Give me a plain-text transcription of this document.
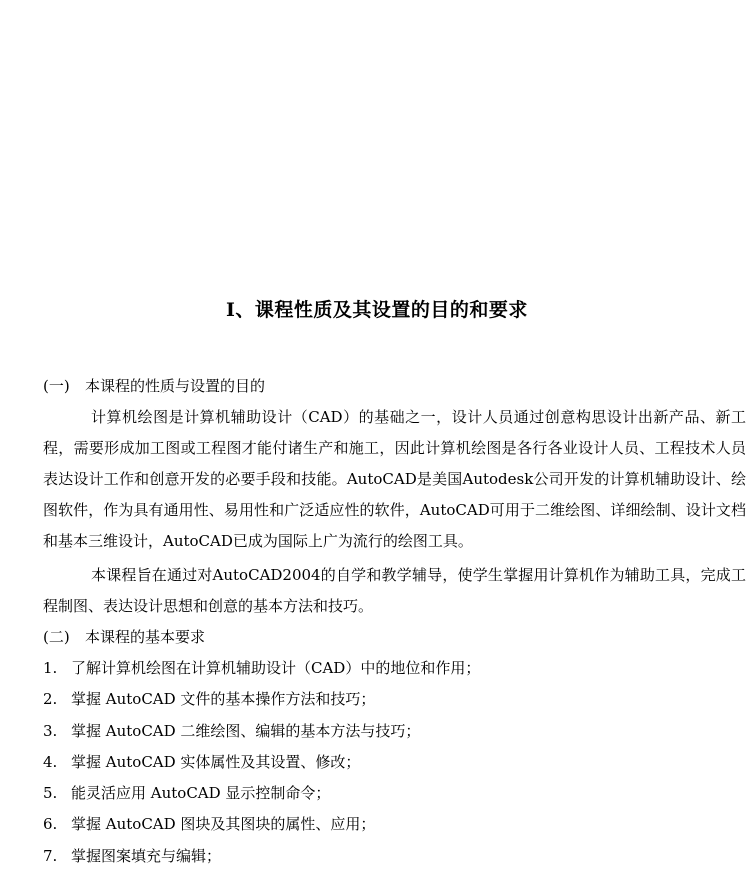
I、课程性质及其设置的目的和要求

(一) 本课程的性质与设置的目的

计算机绘图是计算机辅助设计（CAD）的基础之一，设计人员通过创意构思设计出新产品、新工程，需要形成加工图或工程图才能付诸生产和施工，因此计算机绘图是各行各业设计人员、工程技术人员表达设计工作和创意开发的必要手段和技能。AutoCAD是美国Autodesk公司开发的计算机辅助设计、绘图软件，作为具有通用性、易用性和广泛适应性的软件，AutoCAD可用于二维绘图、详细绘制、设计文档和基本三维设计，AutoCAD已成为国际上广为流行的绘图工具。

本课程旨在通过对AutoCAD2004的自学和教学辅导，使学生掌握用计算机作为辅助工具，完成工程制图、表达设计思想和创意的基本方法和技巧。

(二) 本课程的基本要求

1. 了解计算机绘图在计算机辅助设计（CAD）中的地位和作用；
2. 掌握 AutoCAD 文件的基本操作方法和技巧；
3. 掌握 AutoCAD 二维绘图、编辑的基本方法与技巧；
4. 掌握 AutoCAD 实体属性及其设置、修改；
5. 能灵活应用 AutoCAD 显示控制命令；
6. 掌握 AutoCAD 图块及其图块的属性、应用；
7. 掌握图案填充与编辑；
